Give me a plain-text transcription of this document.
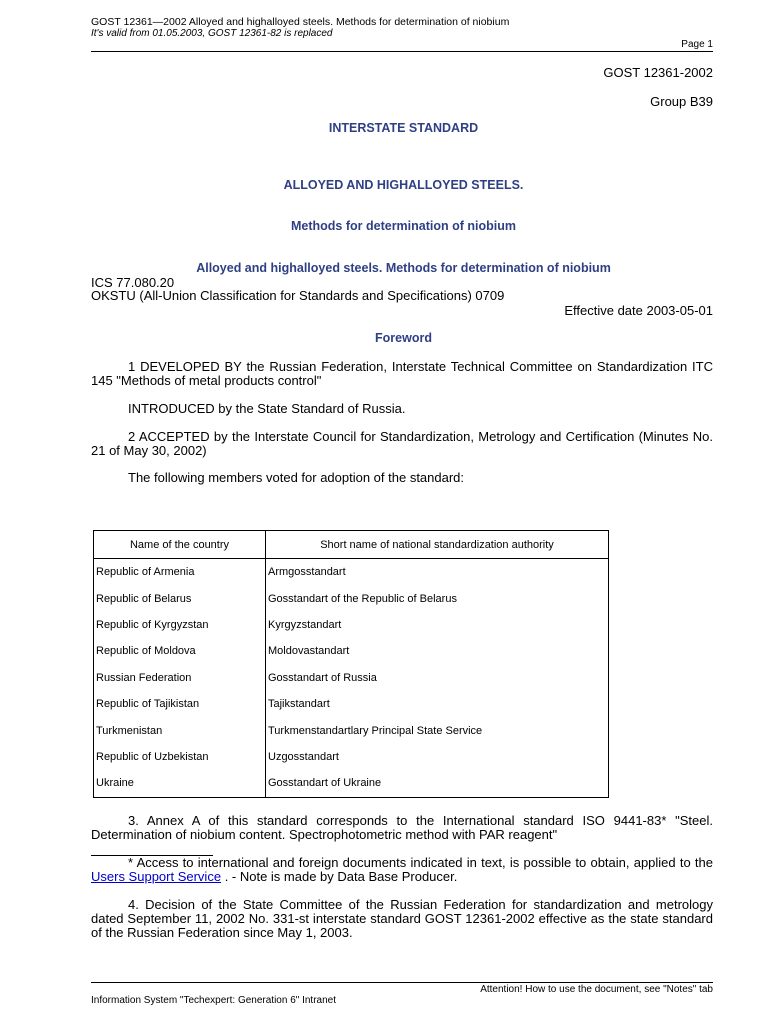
GOST 12361—2002 Alloyed and highalloyed steels. Methods for determination of niobium
It's valid from 01.05.2003, GOST 12361-82 is replaced
Page 1
GOST 12361-2002
Group B39
INTERSTATE STANDARD
ALLOYED AND HIGHALLOYED STEELS.
Methods for determination of niobium
Alloyed and highalloyed steels. Methods for determination of niobium
ICS 77.080.20
OKSTU (All-Union Classification for Standards and Specifications) 0709
Effective date 2003-05-01
Foreword
1 DEVELOPED BY the Russian Federation, Interstate Technical Committee on Standardization ITC 145 "Methods of metal products control"
INTRODUCED by the State Standard of Russia.
2 ACCEPTED by the Interstate Council for Standardization, Metrology and Certification (Minutes No. 21 of May 30, 2002)
The following members voted for adoption of the standard:
Name of the country	Short name of national standardization authority
Republic of Armenia	Armgosstandart
Republic of Belarus	Gosstandart of the Republic of Belarus
Republic of Kyrgyzstan	Kyrgyzstandart
Republic of Moldova	Moldovastandart
Russian Federation	Gosstandart of Russia
Republic of Tajikistan	Tajikstandart
Turkmenistan	Turkmenstandartlary Principal State Service
Republic of Uzbekistan	Uzgosstandart
Ukraine	Gosstandart of Ukraine
3. Annex A of this standard corresponds to the International standard ISO 9441-83* "Steel. Determination of niobium content. Spectrophotometric method with PAR reagent"
* Access to international and foreign documents indicated in text, is possible to obtain, applied to the Users Support Service . - Note is made by Data Base Producer.
4. Decision of the State Committee of the Russian Federation for standardization and metrology dated September 11, 2002 No. 331-st interstate standard GOST 12361-2002 effective as the state standard of the Russian Federation since May 1, 2003.
Attention! How to use the document, see "Notes" tab
Information System "Techexpert: Generation 6" Intranet
